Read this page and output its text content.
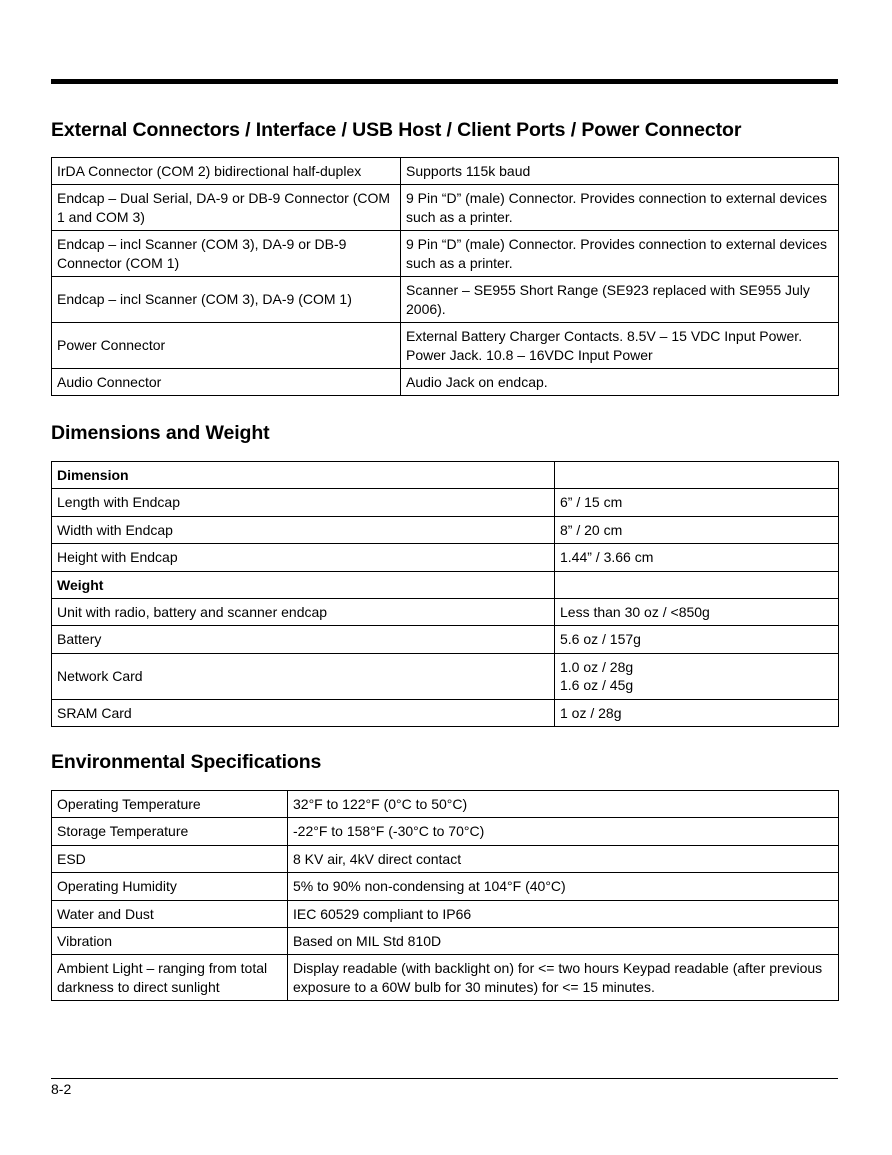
External Connectors / Interface / USB Host / Client Ports / Power Connector
IrDA Connector (COM 2) bidirectional half-duplex	Supports 115k baud
Endcap – Dual Serial, DA-9 or DB-9 Connector (COM 1 and COM 3)	9 Pin “D” (male) Connector. Provides connection to external devices such as a printer.
Endcap – incl Scanner (COM 3), DA-9 or DB-9 Connector (COM 1)	9 Pin “D” (male) Connector. Provides connection to external devices such as a printer.
Endcap – incl Scanner (COM 3), DA-9 (COM 1)	Scanner – SE955 Short Range (SE923 replaced with SE955 July 2006).
Power Connector	External Battery Charger Contacts. 8.5V – 15 VDC Input Power.
Power Jack. 10.8 – 16VDC Input Power

Audio Connector	Audio Jack on endcap.
Dimensions and Weight
Dimension	
Length with Endcap	6” / 15 cm
Width with Endcap	8” / 20 cm
Height with Endcap	1.44” / 3.66 cm
Weight	
Unit with radio, battery and scanner endcap	Less than 30 oz / <850g
Battery	5.6 oz / 157g
Network Card	1.0 oz / 28g
1.6 oz / 45g

SRAM Card	1 oz / 28g
Environmental Specifications
Operating Temperature	32°F to 122°F (0°C to 50°C)
Storage Temperature	-22°F to 158°F (-30°C to 70°C)
ESD	8 KV air, 4kV direct contact
Operating Humidity	5% to 90% non-condensing at 104°F (40°C)
Water and Dust	IEC 60529 compliant to IP66
Vibration	Based on MIL Std 810D
Ambient Light – ranging from total darkness to direct sunlight	Display readable (with backlight on) for <= two hours Keypad readable (after previous exposure to a 60W bulb for 30 minutes) for <= 15 minutes.
8-2
